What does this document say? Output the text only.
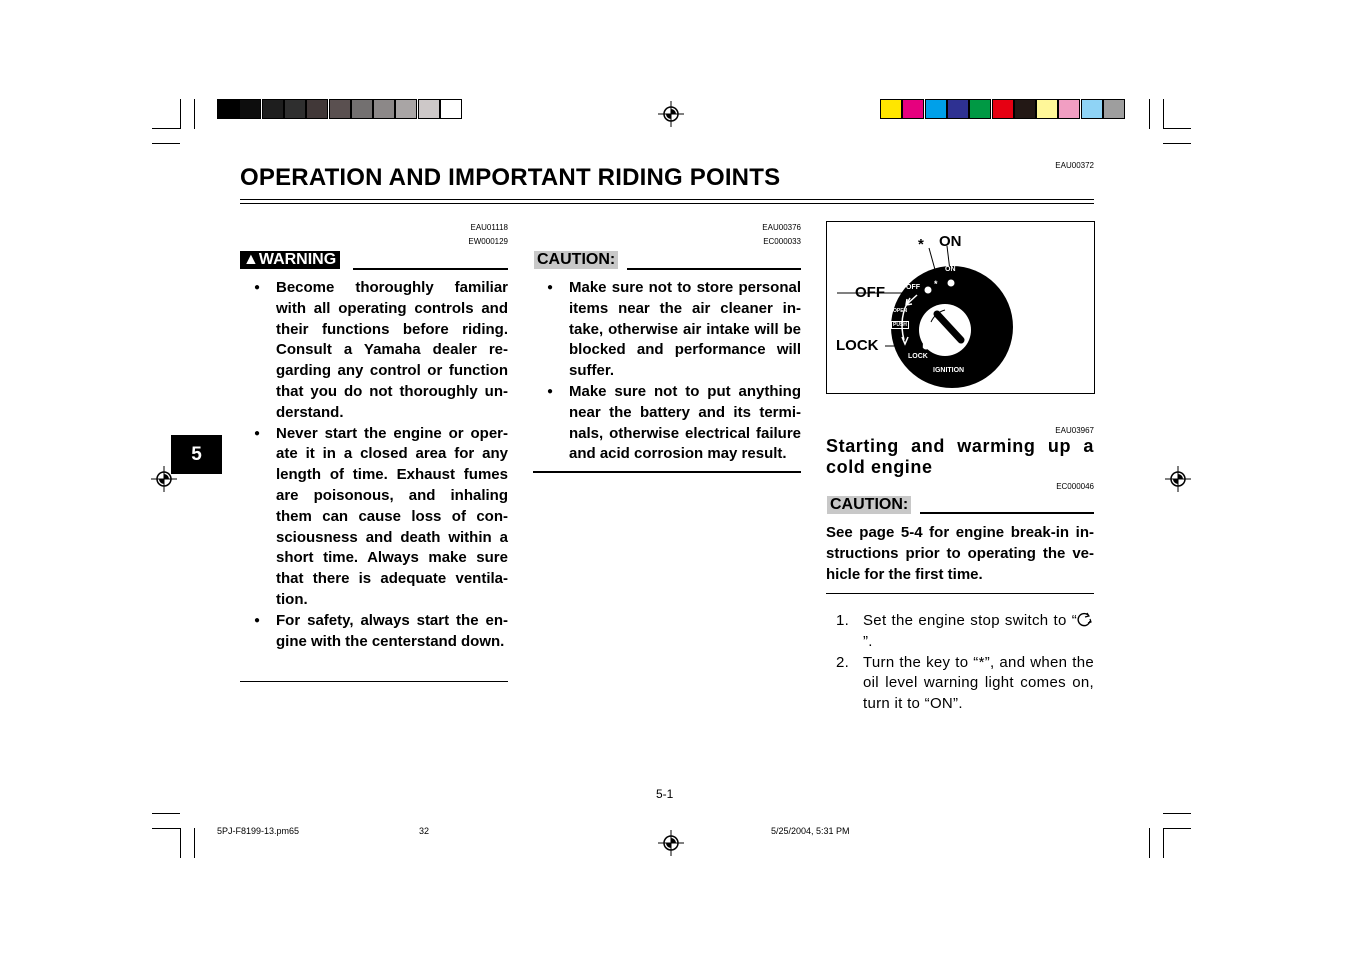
EAU00372
OPERATION AND IMPORTANT RIDING POINTS
5
EAU01118
EW000129
▲WARNING
● Become thoroughly familiar with all operating controls and their functions before riding. Consult a Yamaha dealer re-garding any control or function that you do not thoroughly un-derstand.
● Never start the engine or oper-ate it in a closed area for any length of time. Exhaust fumes are poisonous, and inhaling them can cause loss of con-sciousness and death within a short time. Always make sure that there is adequate ventila-tion.
● For safety, always start the en-gine with the centerstand down.
EAU00376
EC000033
CAUTION:
● Make sure not to store personal items near the air cleaner in-take, otherwise air intake will be blocked and performance will suffer.
● Make sure not to put anything near the battery and its termi-nals, otherwise electrical failure and acid corrosion may result.
ON
*
OFF
LOCK
ON
*
OFF
OPEN
PUSH
LOCK
IGNITION
EAU03967
Starting and warming up a cold engine
EC000046
CAUTION:
See page 5-4 for engine break-in in-structions prior to operating the ve-hicle for the first time.
1. Set the engine stop switch to “”.
2. Turn the key to “*”, and when the oil level warning light comes on, turn it to “ON”.
5-1
5PJ-F8199-13.pm65	32	5/25/2004, 5:31 PM
